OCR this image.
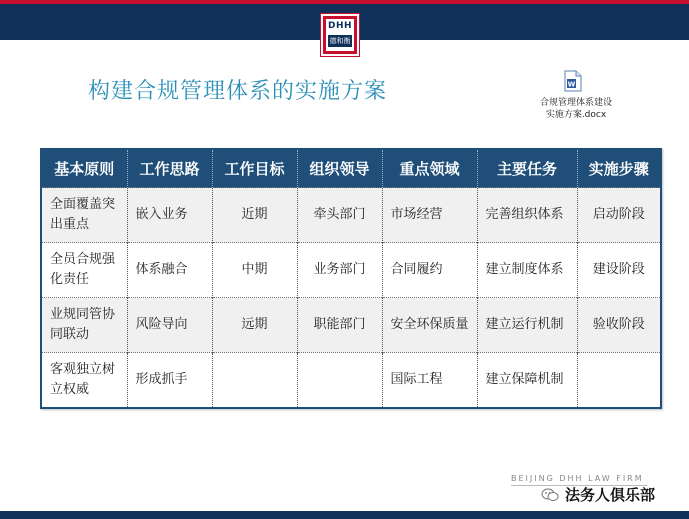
DHH
德和衡
构建合规管理体系的实施方案	W
合规管理体系建设
实施方案.docx
基本原则	工作思路	工作目标	组织领导	重点领域	主要任务	实施步骤
全面覆盖突出重点	嵌入业务	近期	牵头部门	市场经营	完善组织体系	启动阶段
全员合规强化责任	体系融合	中期	业务部门	合同履约	建立制度体系	建设阶段
业规同管协同联动	风险导向	远期	职能部门	安全环保质量	建立运行机制	验收阶段
客观独立树立权威	形成抓手			国际工程	建立保障机制	
BEIJING DHH LAW FIRM
法务人俱乐部
